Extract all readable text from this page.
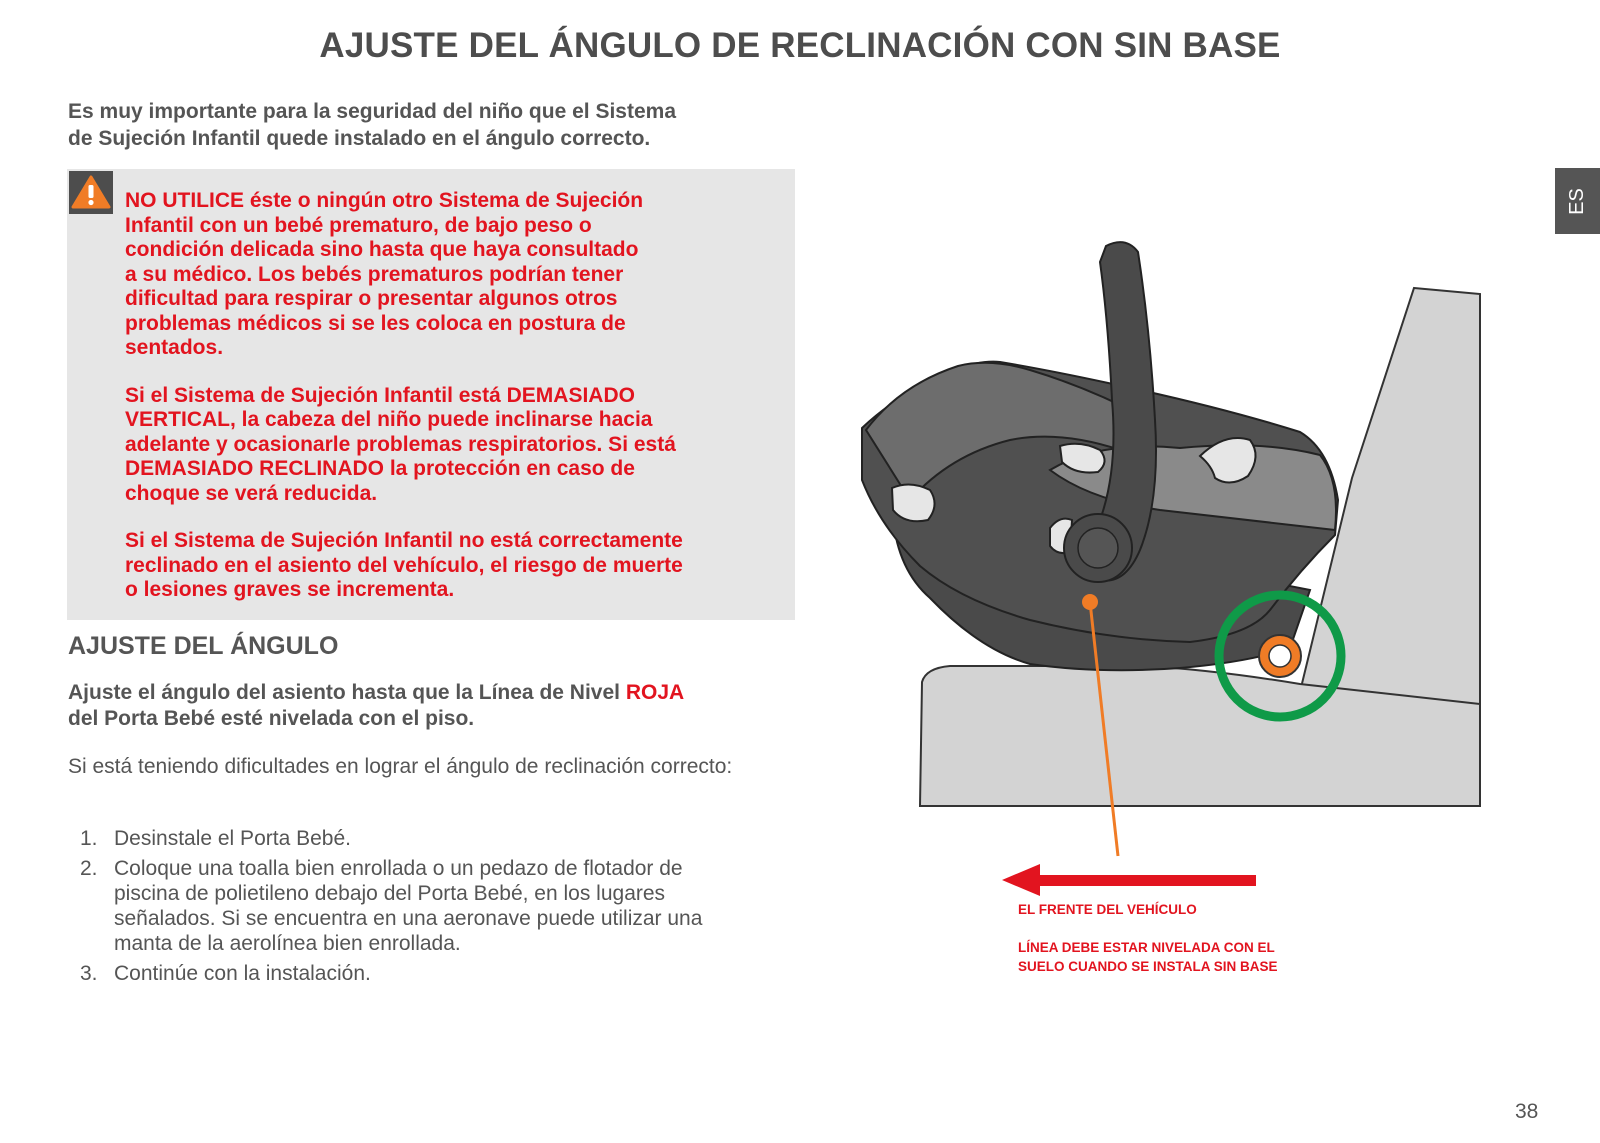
AJUSTE DEL ÁNGULO DE RECLINACIÓN CON SIN BASE
Es muy importante para la seguridad del niño que el Sistema
de Sujeción Infantil quede instalado en el ángulo correcto.

NO UTILICE éste o ningún otro Sistema de Sujeción
Infantil con un bebé prematuro, de bajo peso o
condición delicada sino hasta que haya consultado
a su médico. Los bebés prematuros podrían tener
dificultad para respirar o presentar algunos otros
problemas médicos si se les coloca en postura de
sentados.

Si el Sistema de Sujeción Infantil está DEMASIADO
VERTICAL, la cabeza del niño puede inclinarse hacia
adelante y ocasionarle problemas respiratorios. Si está
DEMASIADO RECLINADO la protección en caso de
choque se verá reducida.

Si el Sistema de Sujeción Infantil no está correctamente
reclinado en el asiento del vehículo, el riesgo de muerte
o lesiones graves se incrementa.

AJUSTE DEL ÁNGULO
Ajuste el ángulo del asiento hasta que la Línea de Nivel ROJA
del Porta Bebé esté nivelada con el piso.
Si está teniendo dificultades en lograr el ángulo de reclinación correcto:
1. Desinstale el Porta Bebé.
2. Coloque una toalla bien enrollada o un pedazo de flotador de
piscina de polietileno debajo del Porta Bebé, en los lugares
señalados. Si se encuentra en una aeronave puede utilizar una
manta de la aerolínea bien enrollada.
3. Continúe con la instalación.
ES
EL FRENTE DEL VEHÍCULO
LÍNEA DEBE ESTAR NIVELADA CON EL
SUELO CUANDO SE INSTALA SIN BASE
38
